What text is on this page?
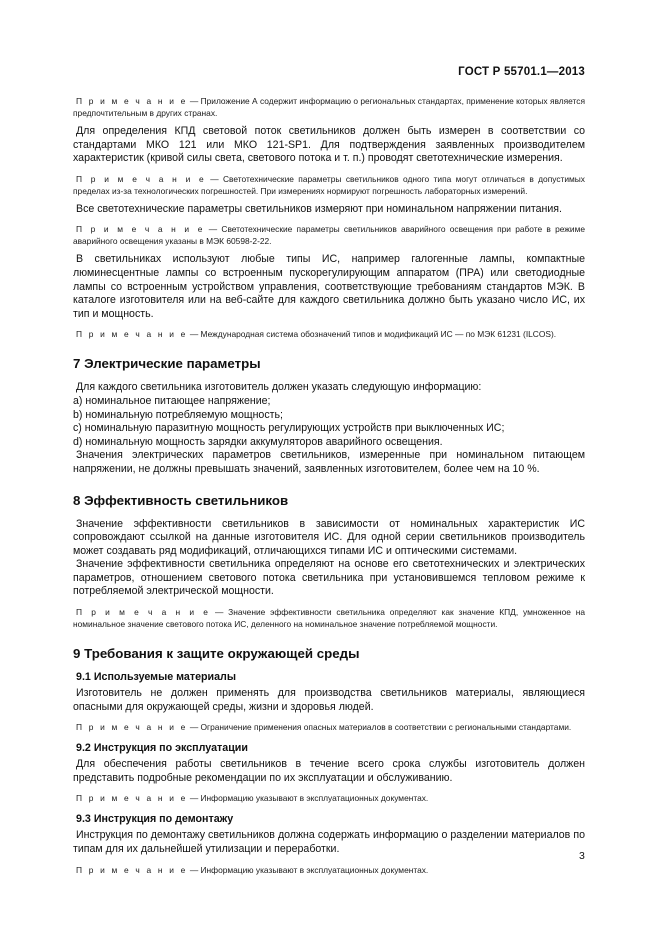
ГОСТ Р 55701.1—2013

П р и м е ч а н и е — Приложение А содержит информацию о региональных стандартах, применение которых является предпочтительным в других странах.

Для определения КПД световой поток светильников должен быть измерен в соответствии со стандартами МКО 121 или МКО 121-SP1. Для подтверждения заявленных производителем характеристик (кривой силы света, светового потока и т. п.) проводят светотехнические измерения.

П р и м е ч а н и е — Светотехнические параметры светильников одного типа могут отличаться в допустимых пределах из-за технологических погрешностей. При измерениях нормируют погрешность лабораторных измерений.

Все светотехнические параметры светильников измеряют при номинальном напряжении питания.

П р и м е ч а н и е — Светотехнические параметры светильников аварийного освещения при работе в режиме аварийного освещения указаны в МЭК 60598-2-22.

В светильниках используют любые типы ИС, например галогенные лампы, компактные люминесцентные лампы со встроенным пускорегулирующим аппаратом (ПРА) или светодиодные лампы со встроенным устройством управления, соответствующие требованиям стандартов МЭК. В каталоге изготовителя или на веб-сайте для каждого светильника должно быть указано число ИС, их тип и мощность.

П р и м е ч а н и е — Международная система обозначений типов и модификаций ИС — по МЭК 61231 (ILCOS).

7 Электрические параметры

Для каждого светильника изготовитель должен указать следующую информацию:

a) номинальное питающее напряжение;
b) номинальную потребляемую мощность;
c) номинальную паразитную мощность регулирующих устройств при выключенных ИС;
d) номинальную мощность зарядки аккумуляторов аварийного освещения.

Значения электрических параметров светильников, измеренные при номинальном питающем напряжении, не должны превышать значений, заявленных изготовителем, более чем на 10 %.

8 Эффективность светильников

Значение эффективности светильников в зависимости от номинальных характеристик ИС сопровождают ссылкой на данные изготовителя ИС. Для одной серии светильников производитель может создавать ряд модификаций, отличающихся типами ИС и оптическими системами.

Значение эффективности светильника определяют на основе его светотехнических и электрических параметров, отношением светового потока светильника при установившемся тепловом режиме к потребляемой электрической мощности.

П р и м е ч а н и е — Значение эффективности светильника определяют как значение КПД, умноженное на номинальное значение светового потока ИС, деленного на номинальное значение потребляемой мощности.

9 Требования к защите окружающей среды
9.1 Используемые материалы

Изготовитель не должен применять для производства светильников материалы, являющиеся опасными для окружающей среды, жизни и здоровья людей.

П р и м е ч а н и е — Ограничение применения опасных материалов в соответствии с региональными стандартами.

9.2 Инструкция по эксплуатации

Для обеспечения работы светильников в течение всего срока службы изготовитель должен представить подробные рекомендации по их эксплуатации и обслуживанию.

П р и м е ч а н и е — Информацию указывают в эксплуатационных документах.

9.3 Инструкция по демонтажу

Инструкция по демонтажу светильников должна содержать информацию о разделении материалов по типам для их дальнейшей утилизации и переработки.

П р и м е ч а н и е — Информацию указывают в эксплуатационных документах.

3
